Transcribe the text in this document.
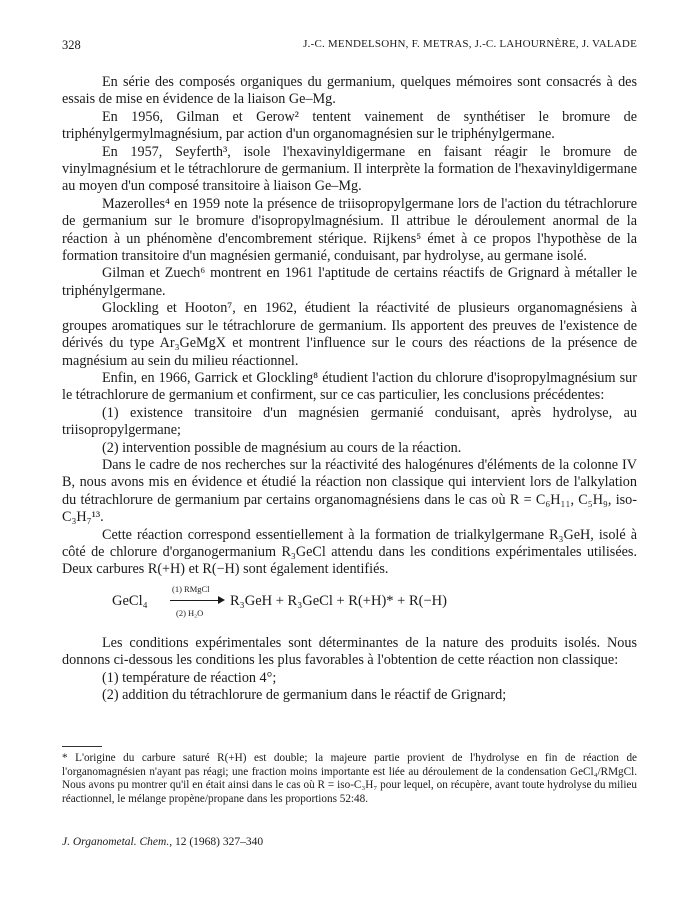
328	J.-C. MENDELSOHN, F. METRAS, J.-C. LAHOURNÈRE, J. VALADE

En série des composés organiques du germanium, quelques mémoires sont consacrés à des essais de mise en évidence de la liaison Ge–Mg.

En 1956, Gilman et Gerow² tentent vainement de synthétiser le bromure de triphénylgermylmagnésium, par action d'un organomagnésien sur le triphénylgermane.

En 1957, Seyferth³, isole l'hexavinyldigermane en faisant réagir le bromure de vinylmagnésium et le tétrachlorure de germanium. Il interprète la formation de l'hexavinyldigermane au moyen d'un composé transitoire à liaison Ge–Mg.

Mazerolles⁴ en 1959 note la présence de triisopropylgermane lors de l'action du tétrachlorure de germanium sur le bromure d'isopropylmagnésium. Il attribue le déroulement anormal de la réaction à un phénomène d'encombrement stérique. Rijkens⁵ émet à ce propos l'hypothèse de la formation transitoire d'un magnésien germanié, conduisant, par hydrolyse, au germane isolé.

Gilman et Zuech⁶ montrent en 1961 l'aptitude de certains réactifs de Grignard à métaller le triphénylgermane.

Glockling et Hooton⁷, en 1962, étudient la réactivité de plusieurs organomagnésiens à groupes aromatiques sur le tétrachlorure de germanium. Ils apportent des preuves de l'existence de dérivés du type Ar₃GeMgX et montrent l'influence sur le cours des réactions de la présence de magnésium au sein du milieu réactionnel.

Enfin, en 1966, Garrick et Glockling⁸ étudient l'action du chlorure d'isopropylmagnésium sur le tétrachlorure de germanium et confirment, sur ce cas particulier, les conclusions précédentes:

(1) existence transitoire d'un magnésien germanié conduisant, après hydrolyse, au triisopropylgermane;

(2) intervention possible de magnésium au cours de la réaction.

Dans le cadre de nos recherches sur la réactivité des halogénures d'éléments de la colonne IV B, nous avons mis en évidence et étudié la réaction non classique qui intervient lors de l'alkylation du tétrachlorure de germanium par certains organomagnésiens dans le cas où R = C₆H₁₁, C₅H₉, iso-C₃H₇¹³.

Cette réaction correspond essentiellement à la formation de trialkylgermane R₃GeH, isolé à côté de chlorure d'organogermanium R₃GeCl attendu dans les conditions expérimentales utilisées. Deux carbures R(+H) et R(−H) sont également identifiés.

GeCl₄
(1) RMgCl
(2) H₂O
R₃GeH + R₃GeCl + R(+H)* + R(−H)

Les conditions expérimentales sont déterminantes de la nature des produits isolés. Nous donnons ci-dessous les conditions les plus favorables à l'obtention de cette réaction non classique:

(1) température de réaction 4°;

(2) addition du tétrachlorure de germanium dans le réactif de Grignard;

* L'origine du carbure saturé R(+H) est double; la majeure partie provient de l'hydrolyse en fin de réaction de l'organomagnésien n'ayant pas réagi; une fraction moins importante est liée au déroulement de la condensation GeCl₄/RMgCl. Nous avons pu montrer qu'il en était ainsi dans le cas où R = iso-C₃H₇ pour lequel, on récupère, avant toute hydrolyse du milieu réactionnel, le mélange propène/propane dans les proportions 52:48.

J. Organometal. Chem., 12 (1968) 327–340
